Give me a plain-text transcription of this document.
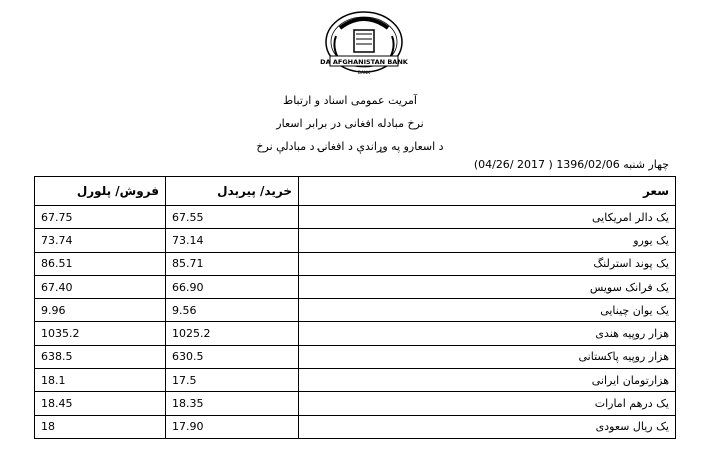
DA AFGHANISTAN BANK
BANK
آمریت عمومی اسناد و ارتباط
نرخ مبادله افغانی در برابر اسعار
د اسعارو په وړاندې د افغانۍ د مبادلې نرخ
چهار شنبه 1396/02/06 ( 2017 /04/26)
فروش/ پلورل	خرید/ پیرېدل	سعر
67.75	67.55	یک دالر امریکایی
73.74	73.14	یک یورو
86.51	85.71	یک پوند استرلنگ
67.40	66.90	یک فرانک سویس
9.96	9.56	یک یوان چینایی
1035.2	1025.2	هزار روپیه هندی
638.5	630.5	هزار روپیه پاکستانی
18.1	17.5	هزارتومان ایرانی
18.45	18.35	یک درهم امارات
18	17.90	یک ریال سعودی
